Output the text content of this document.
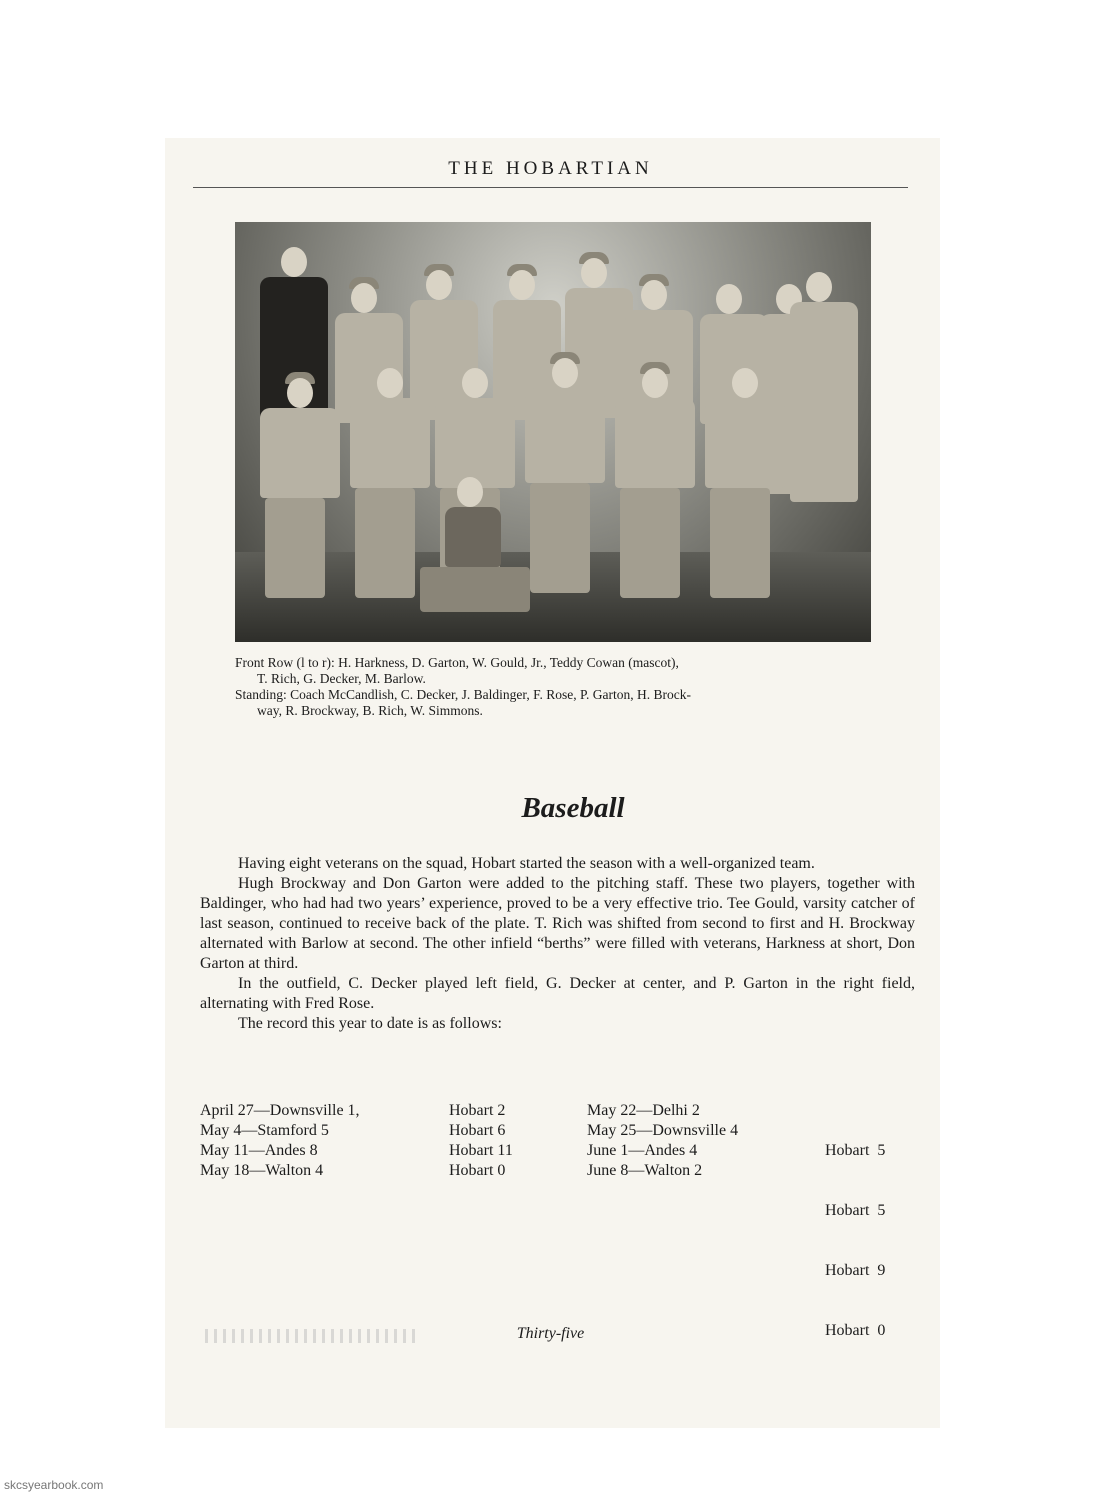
THE HOBARTIAN
Front Row (l to r): H. Harkness, D. Garton, W. Gould, Jr., Teddy Cowan (mascot),
T. Rich, G. Decker, M. Barlow.
Standing: Coach McCandlish, C. Decker, J. Baldinger, F. Rose, P. Garton, H. Brock-
way, R. Brockway, B. Rich, W. Simmons.
Baseball

Having eight veterans on the squad, Hobart started the season with a well-organized team.

Hugh Brockway and Don Garton were added to the pitching staff. These two players, together with Baldinger, who had had two years’ experience, proved to be a very effective trio. Tee Gould, varsity catcher of last season, continued to receive back of the plate. T. Rich was shifted from second to first and H. Brockway alternated with Barlow at second. The other infield “berths” were filled with veterans, Harkness at short, Don Garton at third.

In the outfield, C. Decker played left field, G. Decker at center, and P. Garton in the right field, alternating with Fred Rose.

The record this year to date is as follows:

April 27—Downsville 1,
May 4—Stamford 5
May 11—Andes 8
May 18—Walton 4
Hobart 2
Hobart 6
Hobart 11
Hobart 0
May 22—Delhi 2
May 25—Downsville 4
June 1—Andes 4
June 8—Walton 2

Hobart  5

Hobart  5

Hobart  9

Hobart  0

Thirty-five
skcsyearbook.com
